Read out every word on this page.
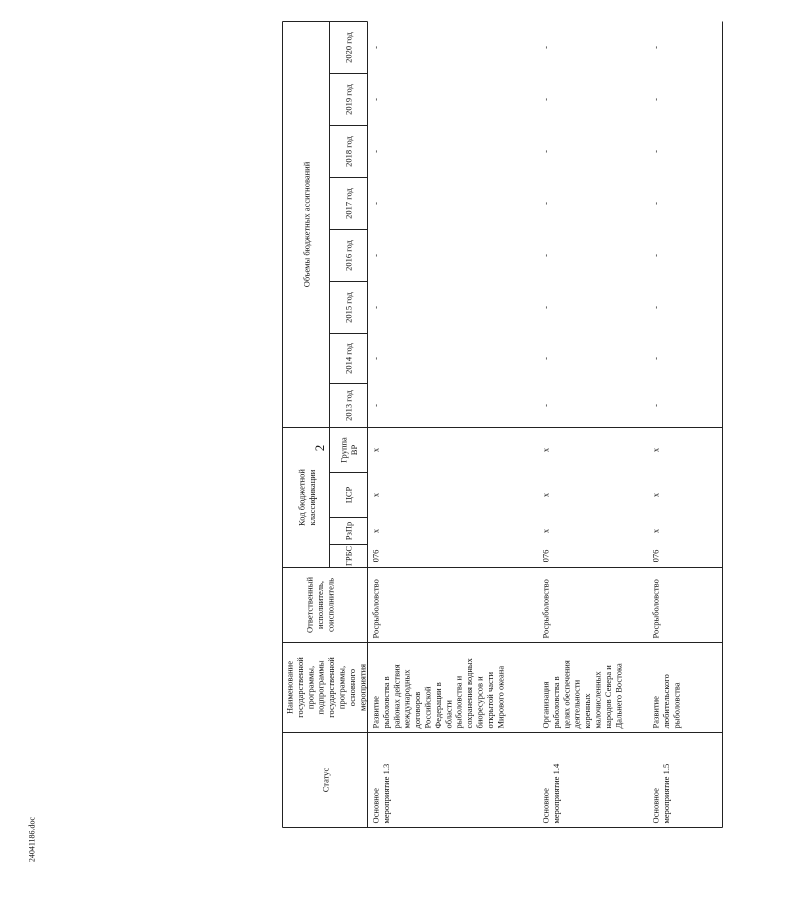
2
24041186.doc
Статус
Наименование государственной программы, подпрограммы государственной программы, основного мероприятия
Ответственный исполнитель, соисполнитель
Код бюджетной классификации
ГРБС
РзПр
ЦСР
Группа ВР
Объемы бюджетных ассигнований
2013 год
2014 год
2015 год
2016 год
2017 год
2018 год
2019 год
2020 год
Основное мероприятие 1.3
Развитие рыболовства в районах действия международных договоров Российской Федерации в области рыболовства и сохранения водных биоресурсов и открытой части Мирового океана
Росрыболовство
076
х
х
х
-
-
-
-
-
-
-
-
Основное мероприятие 1.4
Организация рыболовства в целях обеспечения деятельности коренных малочисленных народов Севера и Дальнего Востока
Росрыболовство
076
х
х
х
-
-
-
-
-
-
-
-
Основное мероприятие 1.5
Развитие любительского рыболовства
Росрыболовство
076
х
х
х
-
-
-
-
-
-
-
-
